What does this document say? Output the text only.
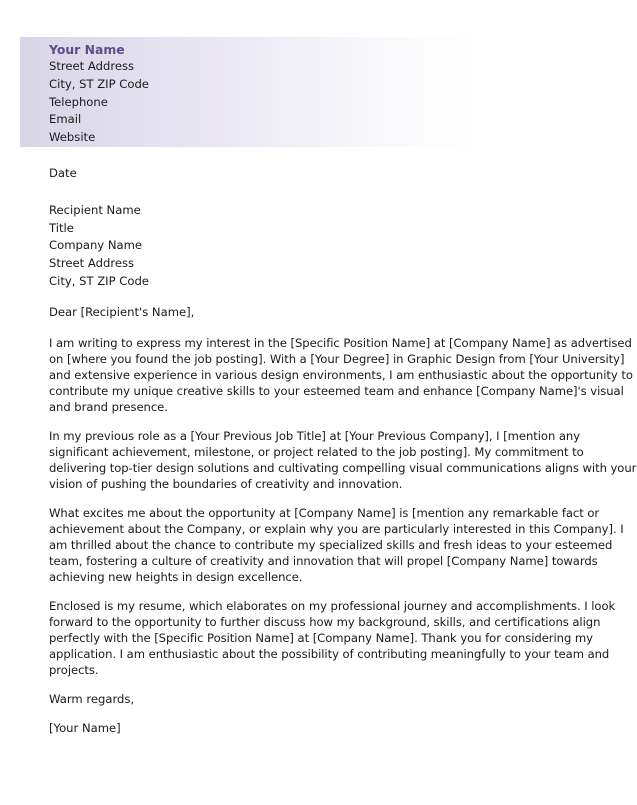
Your Name
Street Address
City, ST ZIP Code
Telephone
Email
Website
Date
Recipient Name
Title
Company Name
Street Address
City, ST ZIP Code
Dear [Recipient's Name],
I am writing to express my interest in the [Specific Position Name] at [Company Name] as advertised
on [where you found the job posting]. With a [Your Degree] in Graphic Design from [Your University]
and extensive experience in various design environments, I am enthusiastic about the opportunity to
contribute my unique creative skills to your esteemed team and enhance [Company Name]'s visual
and brand presence.
In my previous role as a [Your Previous Job Title] at [Your Previous Company], I [mention any
significant achievement, milestone, or project related to the job posting]. My commitment to
delivering top-tier design solutions and cultivating compelling visual communications aligns with your
vision of pushing the boundaries of creativity and innovation.
What excites me about the opportunity at [Company Name] is [mention any remarkable fact or
achievement about the Company, or explain why you are particularly interested in this Company]. I
am thrilled about the chance to contribute my specialized skills and fresh ideas to your esteemed
team, fostering a culture of creativity and innovation that will propel [Company Name] towards
achieving new heights in design excellence.
Enclosed is my resume, which elaborates on my professional journey and accomplishments. I look
forward to the opportunity to further discuss how my background, skills, and certifications align
perfectly with the [Specific Position Name] at [Company Name]. Thank you for considering my
application. I am enthusiastic about the possibility of contributing meaningfully to your team and
projects.
Warm regards,
[Your Name]
